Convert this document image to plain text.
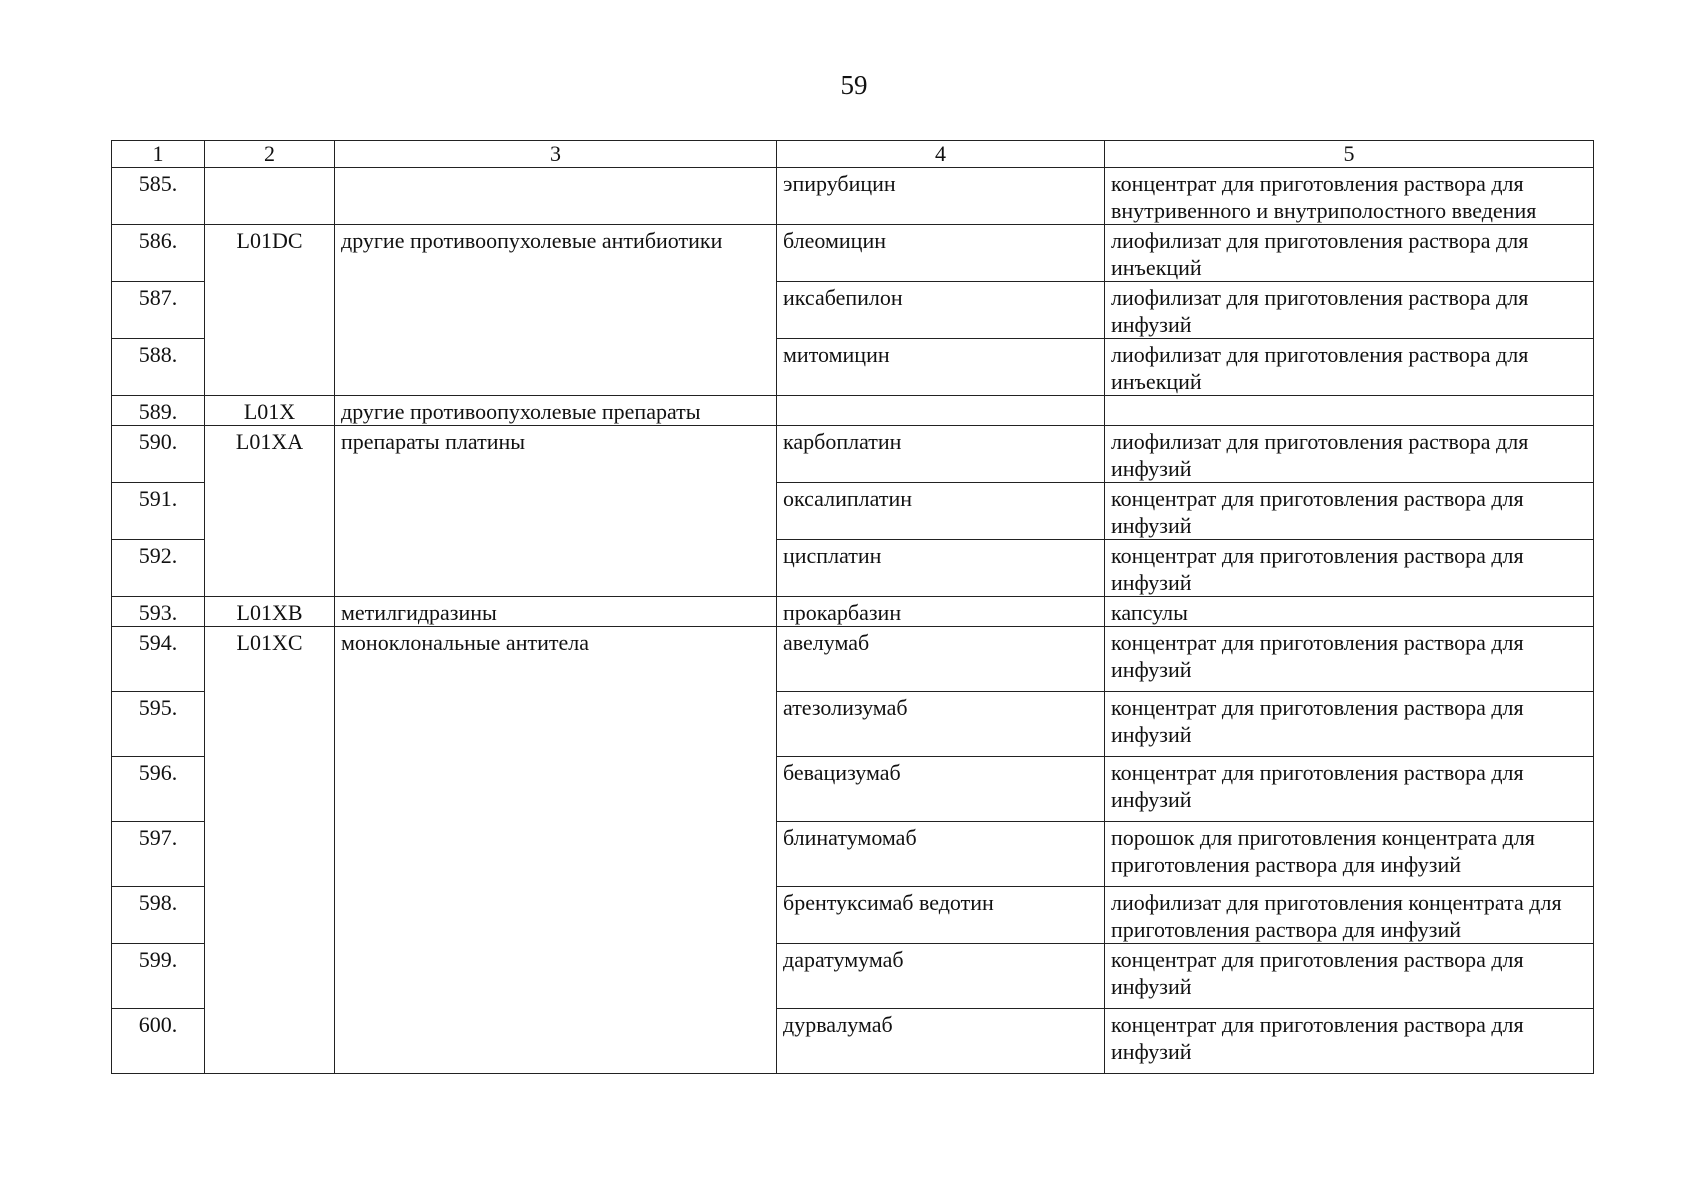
59
1	2	3	4	5
585.			эпирубицин	концентрат для приготовления раствора для внутривенного и внутриполостного введения
586.	L01DC	другие противоопухолевые антибиотики	блеомицин	лиофилизат для приготовления раствора для инъекций
587.			иксабепилон	лиофилизат для приготовления раствора для инфузий
588.			митомицин	лиофилизат для приготовления раствора для инъекций
589.	L01X	другие противоопухолевые препараты		
590.	L01XA	препараты платины	карбоплатин	лиофилизат для приготовления раствора для инфузий
591.			оксалиплатин	концентрат для приготовления раствора для инфузий
592.			цисплатин	концентрат для приготовления раствора для инфузий
593.	L01XB	метилгидразины	прокарбазин	капсулы
594.	L01XC	моноклональные антитела	авелумаб	концентрат для приготовления раствора для инфузий
595.			атезолизумаб	концентрат для приготовления раствора для инфузий
596.			бевацизумаб	концентрат для приготовления раствора для инфузий
597.			блинатумомаб	порошок для приготовления концентрата для приготовления раствора для инфузий
598.			брентуксимаб ведотин	лиофилизат для приготовления концентрата для приготовления раствора для инфузий
599.			даратумумаб	концентрат для приготовления раствора для инфузий
600.			дурвалумаб	концентрат для приготовления раствора для инфузий
